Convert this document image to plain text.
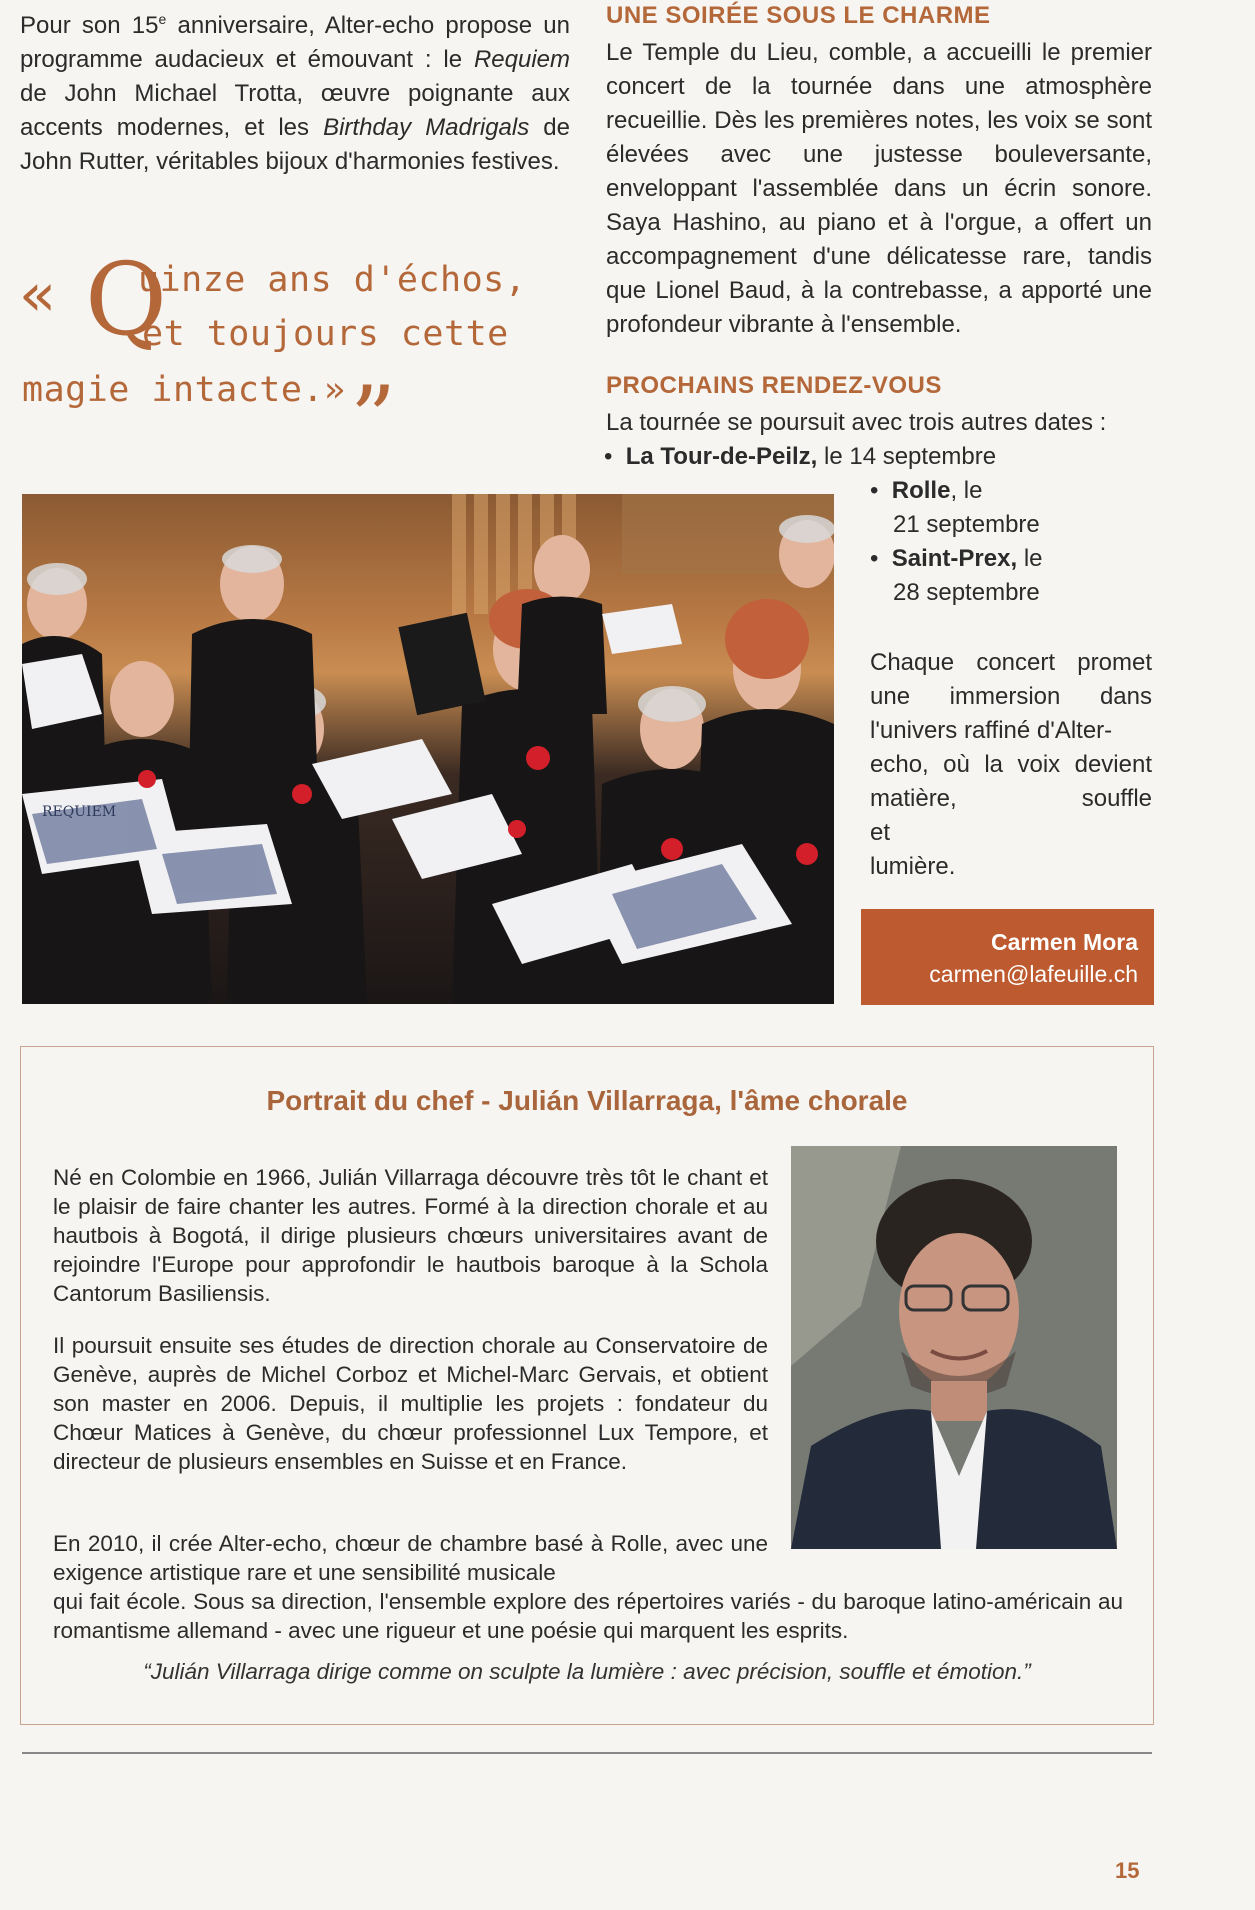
Pour son 15e anniversaire, Alter-echo propose un programme audacieux et émouvant : le Requiem de John Michael Trotta, œuvre poignante aux accents modernes, et les Birthday Madrigals de John Rutter, véritables bijoux d'harmonies festives.

« Q
uinze ans d'échos,
et toujours cette
magie intacte.» ”
UNE SOIRÉE SOUS LE CHARME

Le Temple du Lieu, comble, a accueilli le premier concert de la tournée dans une atmosphère recueillie. Dès les premières notes, les voix se sont élevées avec une justesse bouleversante, enveloppant l'assemblée dans un écrin sonore. Saya Hashino, au piano et à l'orgue, a offert un accompagnement d'une délicatesse rare, tandis que Lionel Baud, à la contrebasse, a apporté une profondeur vibrante à l'ensemble.

PROCHAINS RENDEZ-VOUS

La tournée se poursuit avec trois autres dates :

• La Tour-de-Peilz, le 14 septembre
• Rolle, le
21 septembre
• Saint-Prex, le
28 septembre
Chaque concert promet
une immersion dans
l'univers raffiné d'Alter-
echo, où la voix devient
matière, souffle et
lumière.
REQUIEM
Carmen Mora
carmen@lafeuille.ch
Portrait du chef - Julián Villarraga, l'âme chorale

Né en Colombie en 1966, Julián Villarraga découvre très tôt le chant et le plaisir de faire chanter les autres. Formé à la direction chorale et au hautbois à Bogotá, il dirige plusieurs chœurs universitaires avant de rejoindre l'Europe pour approfondir le hautbois baroque à la Schola Cantorum Basiliensis.

Il poursuit ensuite ses études de direction chorale au Conservatoire de Genève, auprès de Michel Corboz et Michel-Marc Gervais, et obtient son master en 2006. Depuis, il multiplie les projets : fondateur du Chœur Matices à Genève, du chœur professionnel Lux Tempore, et directeur de plusieurs ensembles en Suisse et en France.

En 2010, il crée Alter-echo, chœur de chambre basé à Rolle, avec une exigence artistique rare et une sensibilité musicale

qui fait école. Sous sa direction, l'ensemble explore des répertoires variés - du baroque latino-américain au romantisme allemand - avec une rigueur et une poésie qui marquent les esprits.

“Julián Villarraga dirige comme on sculpte la lumière : avec précision, souffle et émotion.”

15
